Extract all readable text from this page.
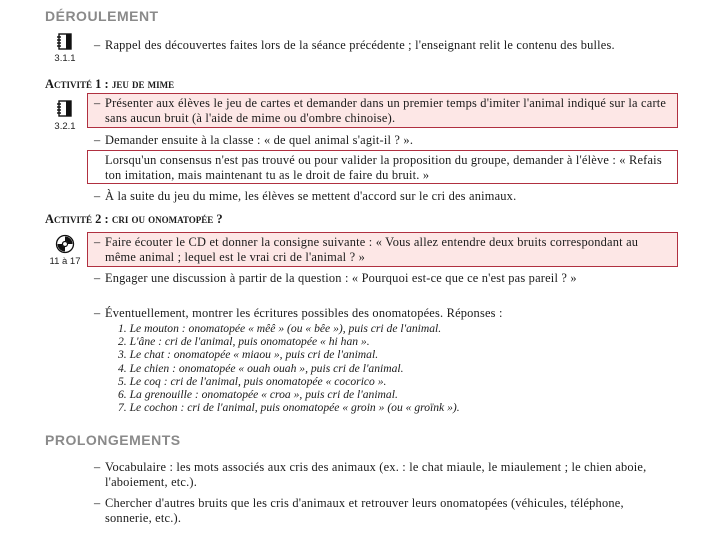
DÉROULEMENT
3.1.1
– Rappel des découvertes faites lors de la séance précédente ; l'enseignant relit le contenu des bulles.
Activité 1 : jeu de mime
3.2.1
– Présenter aux élèves le jeu de cartes et demander dans un premier temps d'imiter l'animal indiqué sur la carte sans aucun bruit (à l'aide de mime ou d'ombre chinoise).
– Demander ensuite à la classe : « de quel animal s'agit-il ? ».
Lorsqu'un consensus n'est pas trouvé ou pour valider la proposition du groupe, demander à l'élève : « Refais ton imitation, mais maintenant tu as le droit de faire du bruit. »
– À la suite du jeu du mime, les élèves se mettent d'accord sur le cri des animaux.
Activité 2 : cri ou onomatopée ?
11 à 17
– Faire écouter le CD et donner la consigne suivante : « Vous allez entendre deux bruits correspondant au même animal ; lequel est le vrai cri de l'animal ? »
– Engager une discussion à partir de la question : « Pourquoi est-ce que ce n'est pas pareil ? »
– Éventuellement, montrer les écritures possibles des onomatopées. Réponses :
1. Le mouton : onomatopée « mêê » (ou « bêe »), puis cri de l'animal.
2. L'âne : cri de l'animal, puis onomatopée « hi han ».
3. Le chat : onomatopée « miaou », puis cri de l'animal.
4. Le chien : onomatopée « ouah ouah », puis cri de l'animal.
5. Le coq : cri de l'animal, puis onomatopée « cocorico ».
6. La grenouille : onomatopée « croa », puis cri de l'animal.
7. Le cochon : cri de l'animal, puis onomatopée « groin » (ou « groïnk »).
PROLONGEMENTS
– Vocabulaire : les mots associés aux cris des animaux (ex. : le chat miaule, le miaulement ; le chien aboie, l'aboiement, etc.).
– Chercher d'autres bruits que les cris d'animaux et retrouver leurs onomatopées (véhicules, téléphone, sonnerie, etc.).
